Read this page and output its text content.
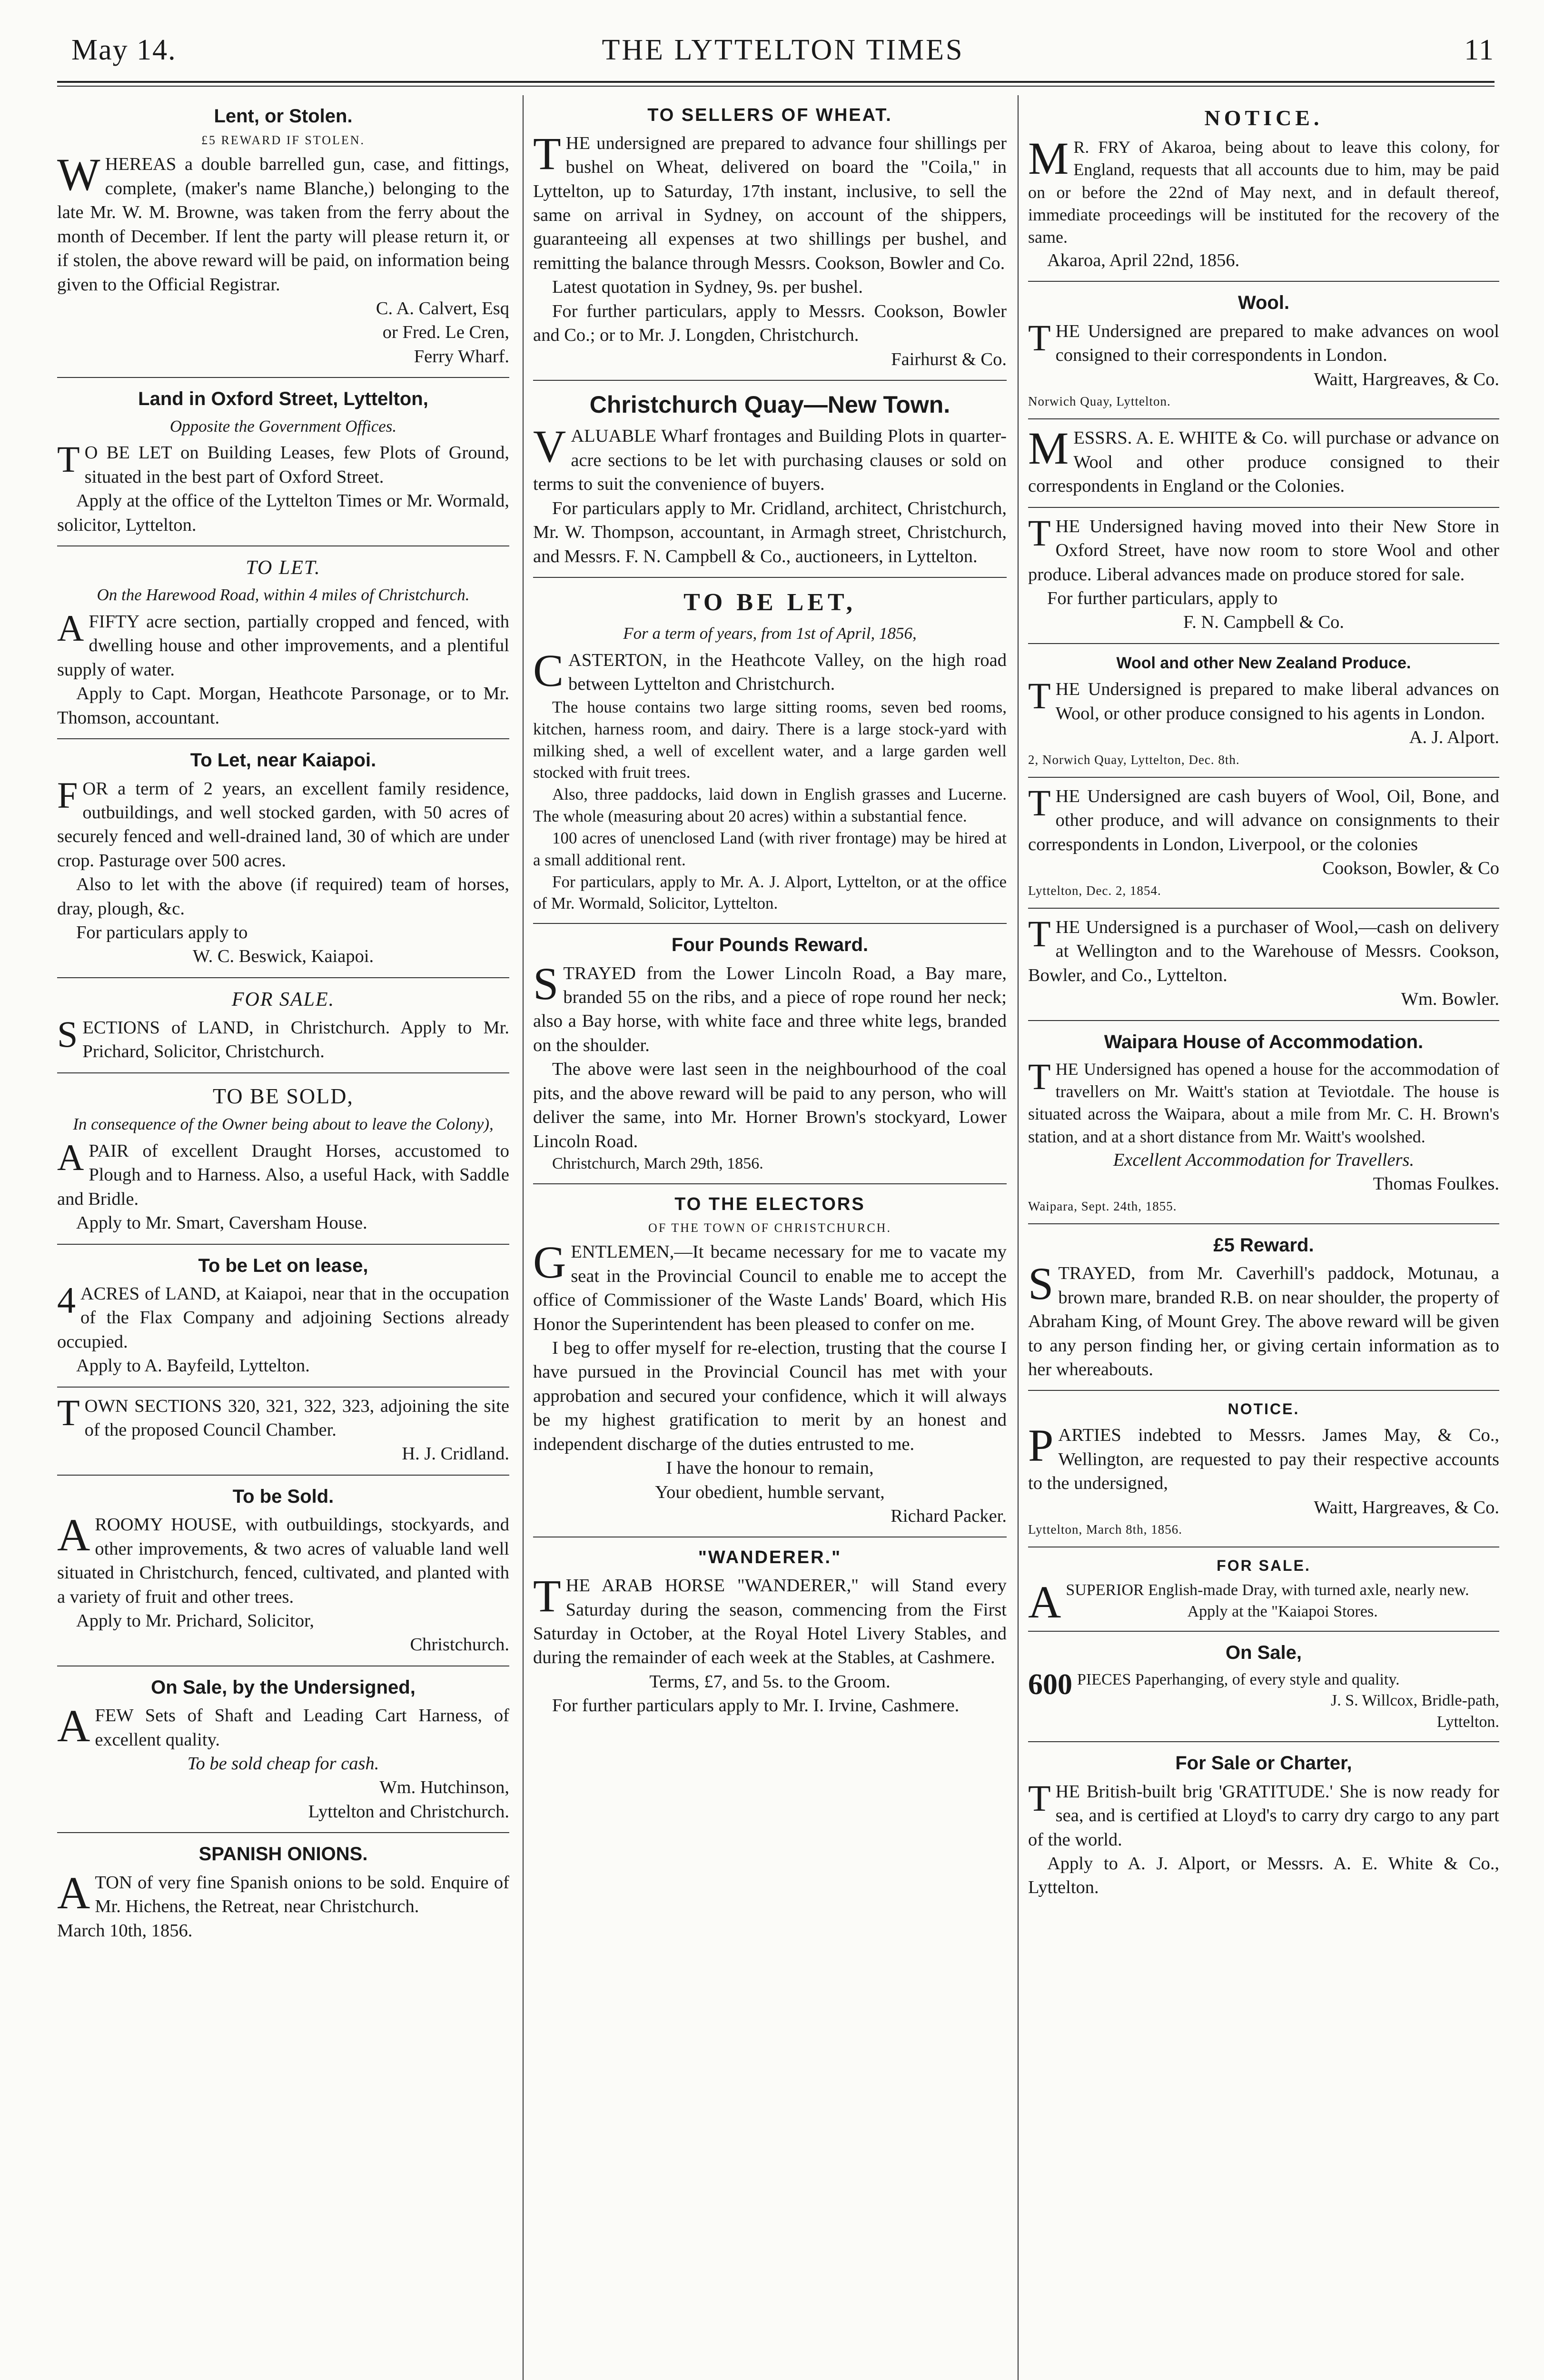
THE LYTTELTON TIMES
May 14.	11
Lent, or Stolen.
£5 REWARD IF STOLEN.

WHEREAS a double barrelled gun, case, and fittings, complete, (maker's name Blanche,) belonging to the late Mr. W. M. Browne, was taken from the ferry about the month of December. If lent the party will please return it, or if stolen, the above reward will be paid, on information being given to the Official Registrar.

C. A. Calvert, Esq

or Fred. Le Cren,

Ferry Wharf.

Land in Oxford Street, Lyttelton,
Opposite the Government Offices.

T O BE LET on Building Leases, few Plots of Ground, situated in the best part of Oxford Street.

Apply at the office of the Lyttelton Times or Mr. Wormald, solicitor, Lyttelton.

TO LET.
On the Harewood Road, within 4 miles of Christchurch.

AFIFTY acre section, partially cropped and fenced, with dwelling house and other improvements, and a plentiful supply of water.

Apply to Capt. Morgan, Heathcote Parsonage, or to Mr. Thomson, accountant.

To Let, near Kaiapoi.

FOR a term of 2 years, an excellent family residence, outbuildings, and well stocked garden, with 50 acres of securely fenced and well-drained land, 30 of which are under crop. Pasturage over 500 acres.

Also to let with the above (if required) team of horses, dray, plough, &c.

For particulars apply to

W. C. Beswick, Kaiapoi.

FOR SALE.

SECTIONS of LAND, in Christchurch. Apply to Mr. Prichard, Solicitor, Christchurch.

TO BE SOLD,
In consequence of the Owner being about to leave the Colony),

APAIR of excellent Draught Horses, accustomed to Plough and to Harness. Also, a useful Hack, with Saddle and Bridle.

Apply to Mr. Smart, Caversham House.

To be Let on lease,

4 ACRES of LAND, at Kaiapoi, near that in the occupation of the Flax Company and adjoining Sections already occupied.

Apply to A. Bayfeild, Lyttelton.

TOWN SECTIONS 320, 321, 322, 323, adjoining the site of the proposed Council Chamber.

H. J. Cridland.

To be Sold.

AROOMY HOUSE, with outbuildings, stockyards, and other improvements, & two acres of valuable land well situated in Christchurch, fenced, cultivated, and planted with a variety of fruit and other trees.

Apply to Mr. Prichard, Solicitor,

Christchurch.

On Sale, by the Undersigned,

AFEW Sets of Shaft and Leading Cart Harness, of excellent quality.

To be sold cheap for cash.

Wm. Hutchinson,

Lyttelton and Christchurch.

SPANISH ONIONS.

ATON of very fine Spanish onions to be sold. Enquire of Mr. Hichens, the Retreat, near Christchurch.

March 10th, 1856.

TO SELLERS OF WHEAT.

THE undersigned are prepared to advance four shillings per bushel on Wheat, delivered on board the "Coila," in Lyttelton, up to Saturday, 17th instant, inclusive, to sell the same on arrival in Sydney, on account of the shippers, guaranteeing all expenses at two shillings per bushel, and remitting the balance through Messrs. Cookson, Bowler and Co.

Latest quotation in Sydney, 9s. per bushel.

For further particulars, apply to Messrs. Cookson, Bowler and Co.; or to Mr. J. Longden, Christchurch.

Fairhurst & Co.

Christchurch Quay—New Town.

VALUABLE Wharf frontages and Building Plots in quarter-acre sections to be let with purchasing clauses or sold on terms to suit the convenience of buyers.

For particulars apply to Mr. Cridland, architect, Christchurch, Mr. W. Thompson, accountant, in Armagh street, Christchurch, and Messrs. F. N. Campbell & Co., auctioneers, in Lyttelton.

TO BE LET,
For a term of years, from 1st of April, 1856,

CASTERTON, in the Heathcote Valley, on the high road between Lyttelton and Christchurch.

The house contains two large sitting rooms, seven bed rooms, kitchen, harness room, and dairy. There is a large stock-yard with milking shed, a well of excellent water, and a large garden well stocked with fruit trees.

Also, three paddocks, laid down in English grasses and Lucerne. The whole (measuring about 20 acres) within a substantial fence.

100 acres of unenclosed Land (with river frontage) may be hired at a small additional rent.

For particulars, apply to Mr. A. J. Alport, Lyttelton, or at the office of Mr. Wormald, Solicitor, Lyttelton.

Four Pounds Reward.

STRAYED from the Lower Lincoln Road, a Bay mare, branded 55 on the ribs, and a piece of rope round her neck; also a Bay horse, with white face and three white legs, branded on the shoulder.

The above were last seen in the neighbourhood of the coal pits, and the above reward will be paid to any person, who will deliver the same, into Mr. Horner Brown's stockyard, Lower Lincoln Road.

Christchurch, March 29th, 1856.

TO THE ELECTORS
OF THE TOWN OF CHRISTCHURCH.

GENTLEMEN,—It became necessary for me to vacate my seat in the Provincial Council to enable me to accept the office of Commissioner of the Waste Lands' Board, which His Honor the Superintendent has been pleased to confer on me.

I beg to offer myself for re-election, trusting that the course I have pursued in the Provincial Council has met with your approbation and secured your confidence, which it will always be my highest gratification to merit by an honest and independent discharge of the duties entrusted to me.

I have the honour to remain,

Your obedient, humble servant,

Richard Packer.

"WANDERER."

THE ARAB HORSE "WANDERER," will Stand every Saturday during the season, commencing from the First Saturday in October, at the Royal Hotel Livery Stables, and during the remainder of each week at the Stables, at Cashmere.

Terms, £7, and 5s. to the Groom.

For further particulars apply to Mr. I. Irvine, Cashmere.

NOTICE.

M R. FRY of Akaroa, being about to leave this colony, for England, requests that all accounts due to him, may be paid on or before the 22nd of May next, and in default thereof, immediate proceedings will be instituted for the recovery of the same.

Akaroa, April 22nd, 1856.

Wool.

THE Undersigned are prepared to make advances on wool consigned to their correspondents in London.

Waitt, Hargreaves, & Co.

Norwich Quay, Lyttelton.

MESSRS. A. E. WHITE & Co. will purchase or advance on Wool and other produce consigned to their correspondents in England or the Colonies.

THE Undersigned having moved into their New Store in Oxford Street, have now room to store Wool and other produce. Liberal advances made on produce stored for sale.

For further particulars, apply to

F. N. Campbell & Co.

Wool and other New Zealand Produce.

THE Undersigned is prepared to make liberal advances on Wool, or other produce consigned to his agents in London.

A. J. Alport.

2, Norwich Quay, Lyttelton, Dec. 8th.

THE Undersigned are cash buyers of Wool, Oil, Bone, and other produce, and will advance on consignments to their correspondents in London, Liverpool, or the colonies

Cookson, Bowler, & Co

Lyttelton, Dec. 2, 1854.

THE Undersigned is a purchaser of Wool,—cash on delivery at Wellington and to the Warehouse of Messrs. Cookson, Bowler, and Co., Lyttelton.

Wm. Bowler.

Waipara House of Accommodation.

THE Undersigned has opened a house for the accommodation of travellers on Mr. Waitt's station at Teviotdale. The house is situated across the Waipara, about a mile from Mr. C. H. Brown's station, and at a short distance from Mr. Waitt's woolshed.

Excellent Accommodation for Travellers.

Thomas Foulkes.

Waipara, Sept. 24th, 1855.

£5 Reward.

STRAYED, from Mr. Caverhill's paddock, Motunau, a brown mare, branded R.B. on near shoulder, the property of Abraham King, of Mount Grey. The above reward will be given to any person finding her, or giving certain information as to her whereabouts.

NOTICE.

PARTIES indebted to Messrs. James May, & Co., Wellington, are requested to pay their respective accounts to the undersigned,

Waitt, Hargreaves, & Co.

Lyttelton, March 8th, 1856.

FOR SALE.

ASUPERIOR English-made Dray, with turned axle, nearly new.

Apply at the "Kaiapoi Stores.

On Sale,

600 PIECES Paperhanging, of every style and quality.

J. S. Willcox, Bridle-path,

Lyttelton.

For Sale or Charter,

THE British-built brig 'GRATITUDE.' She is now ready for sea, and is certified at Lloyd's to carry dry cargo to any part of the world.

Apply to A. J. Alport, or Messrs. A. E. White & Co., Lyttelton.
